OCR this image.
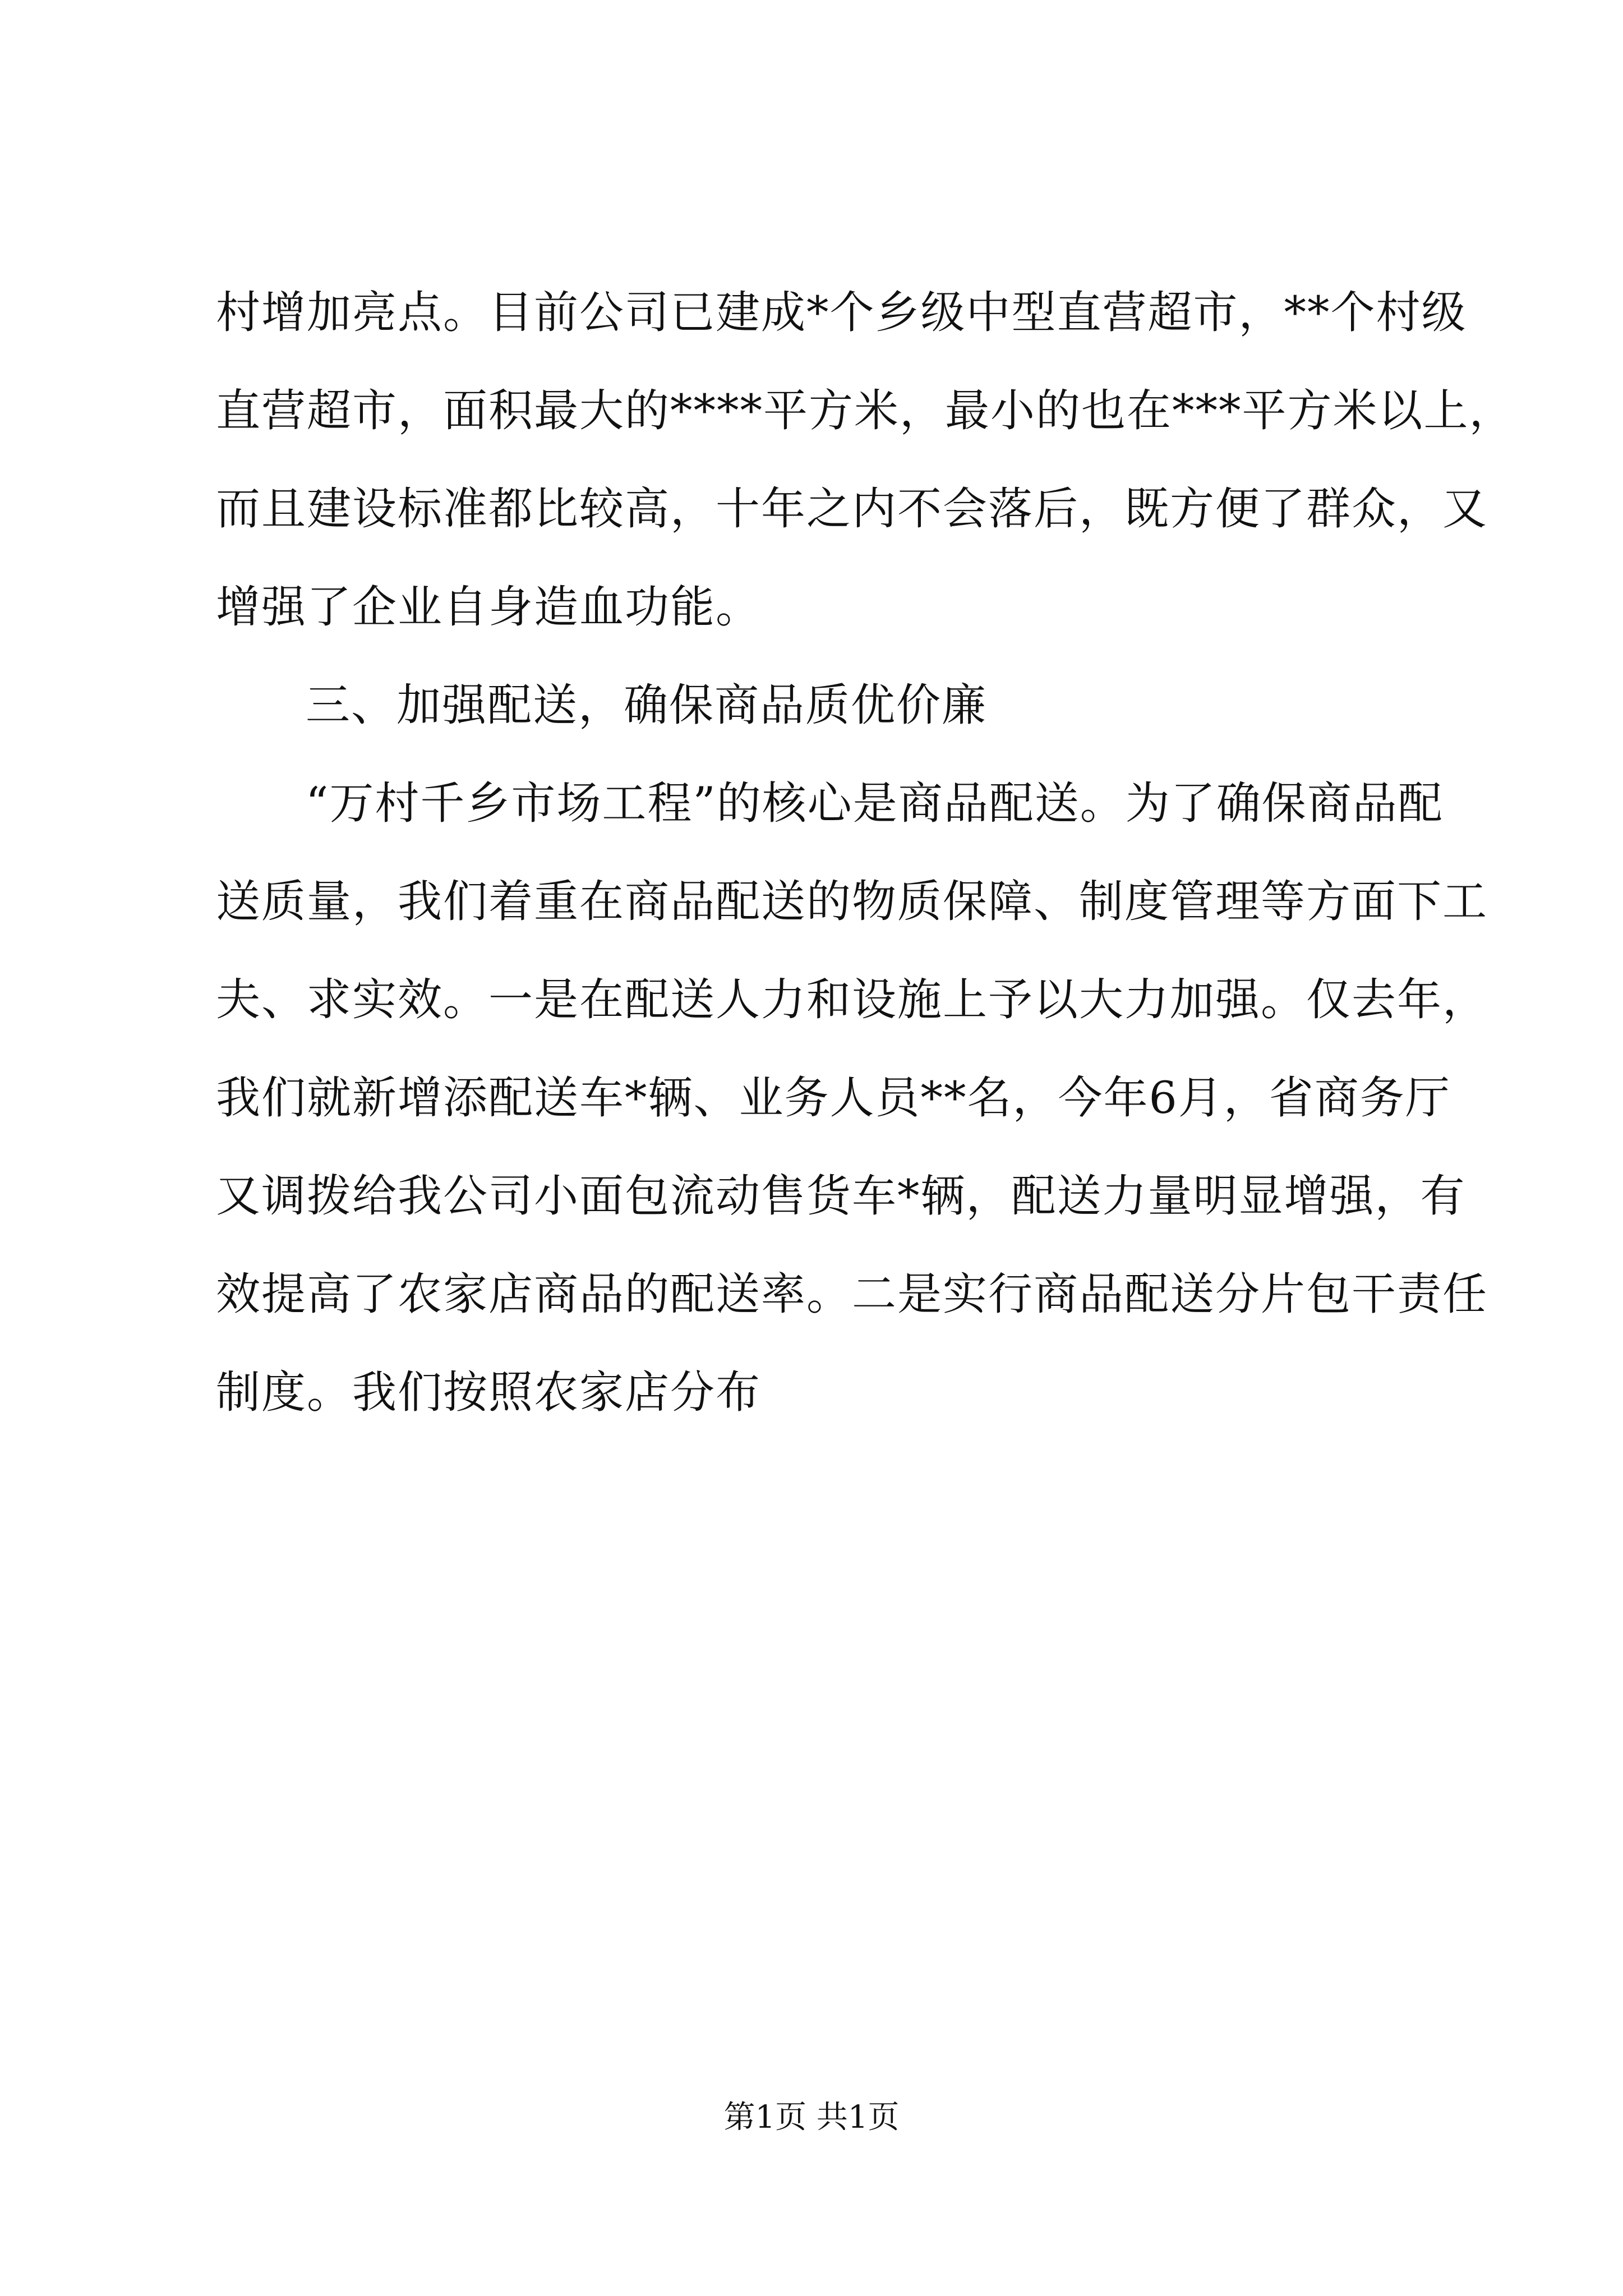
村增加亮点。目前公司已建成*个乡级中型直营超市，**个村级
直营超市，面积最大的****平方米，最小的也在***平方米以上，
而且建设标准都比较高，十年之内不会落后，既方便了群众，又
增强了企业自身造血功能。
三、加强配送，确保商品质优价廉
“万村千乡市场工程”的核心是商品配送。为了确保商品配
送质量，我们着重在商品配送的物质保障、制度管理等方面下工
夫、求实效。一是在配送人力和设施上予以大力加强。仅去年，
我们就新增添配送车*辆、业务人员**名，今年6月，省商务厅
又调拨给我公司小面包流动售货车*辆，配送力量明显增强，有
效提高了农家店商品的配送率。二是实行商品配送分片包干责任
制度。我们按照农家店分布
第1页 共1页
